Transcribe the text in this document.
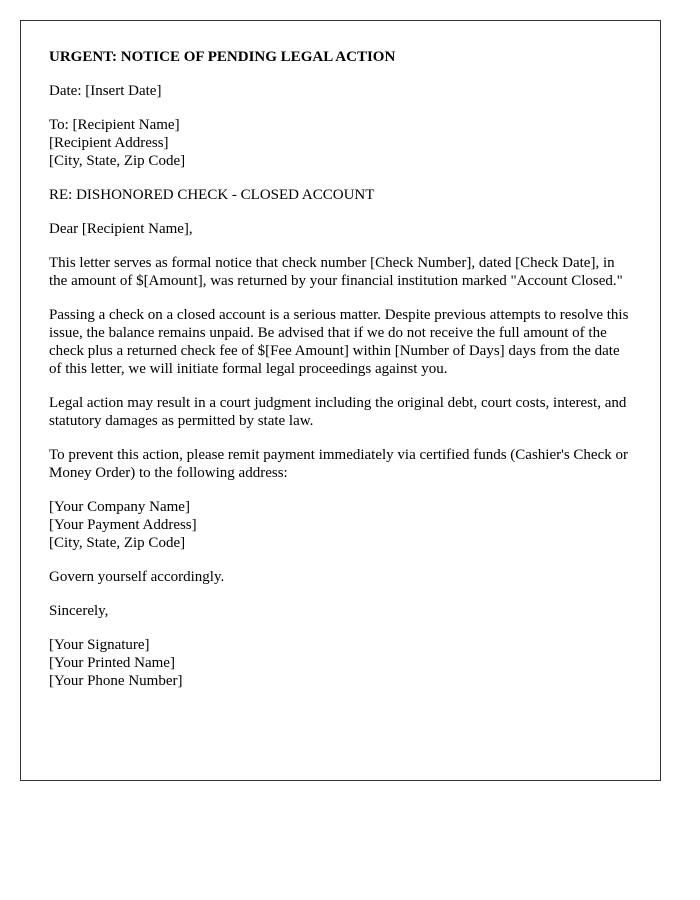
URGENT: NOTICE OF PENDING LEGAL ACTION

Date: [Insert Date]

To: [Recipient Name]
[Recipient Address]
[City, State, Zip Code]

RE: DISHONORED CHECK - CLOSED ACCOUNT

Dear [Recipient Name],

This letter serves as formal notice that check number [Check Number], dated [Check Date], in the amount of $[Amount], was returned by your financial institution marked "Account Closed."

Passing a check on a closed account is a serious matter. Despite previous attempts to resolve this issue, the balance remains unpaid. Be advised that if we do not receive the full amount of the check plus a returned check fee of $[Fee Amount] within [Number of Days] days from the date of this letter, we will initiate formal legal proceedings against you.

Legal action may result in a court judgment including the original debt, court costs, interest, and statutory damages as permitted by state law.

To prevent this action, please remit payment immediately via certified funds (Cashier's Check or Money Order) to the following address:

[Your Company Name]
[Your Payment Address]
[City, State, Zip Code]

Govern yourself accordingly.

Sincerely,

[Your Signature]
[Your Printed Name]
[Your Phone Number]
